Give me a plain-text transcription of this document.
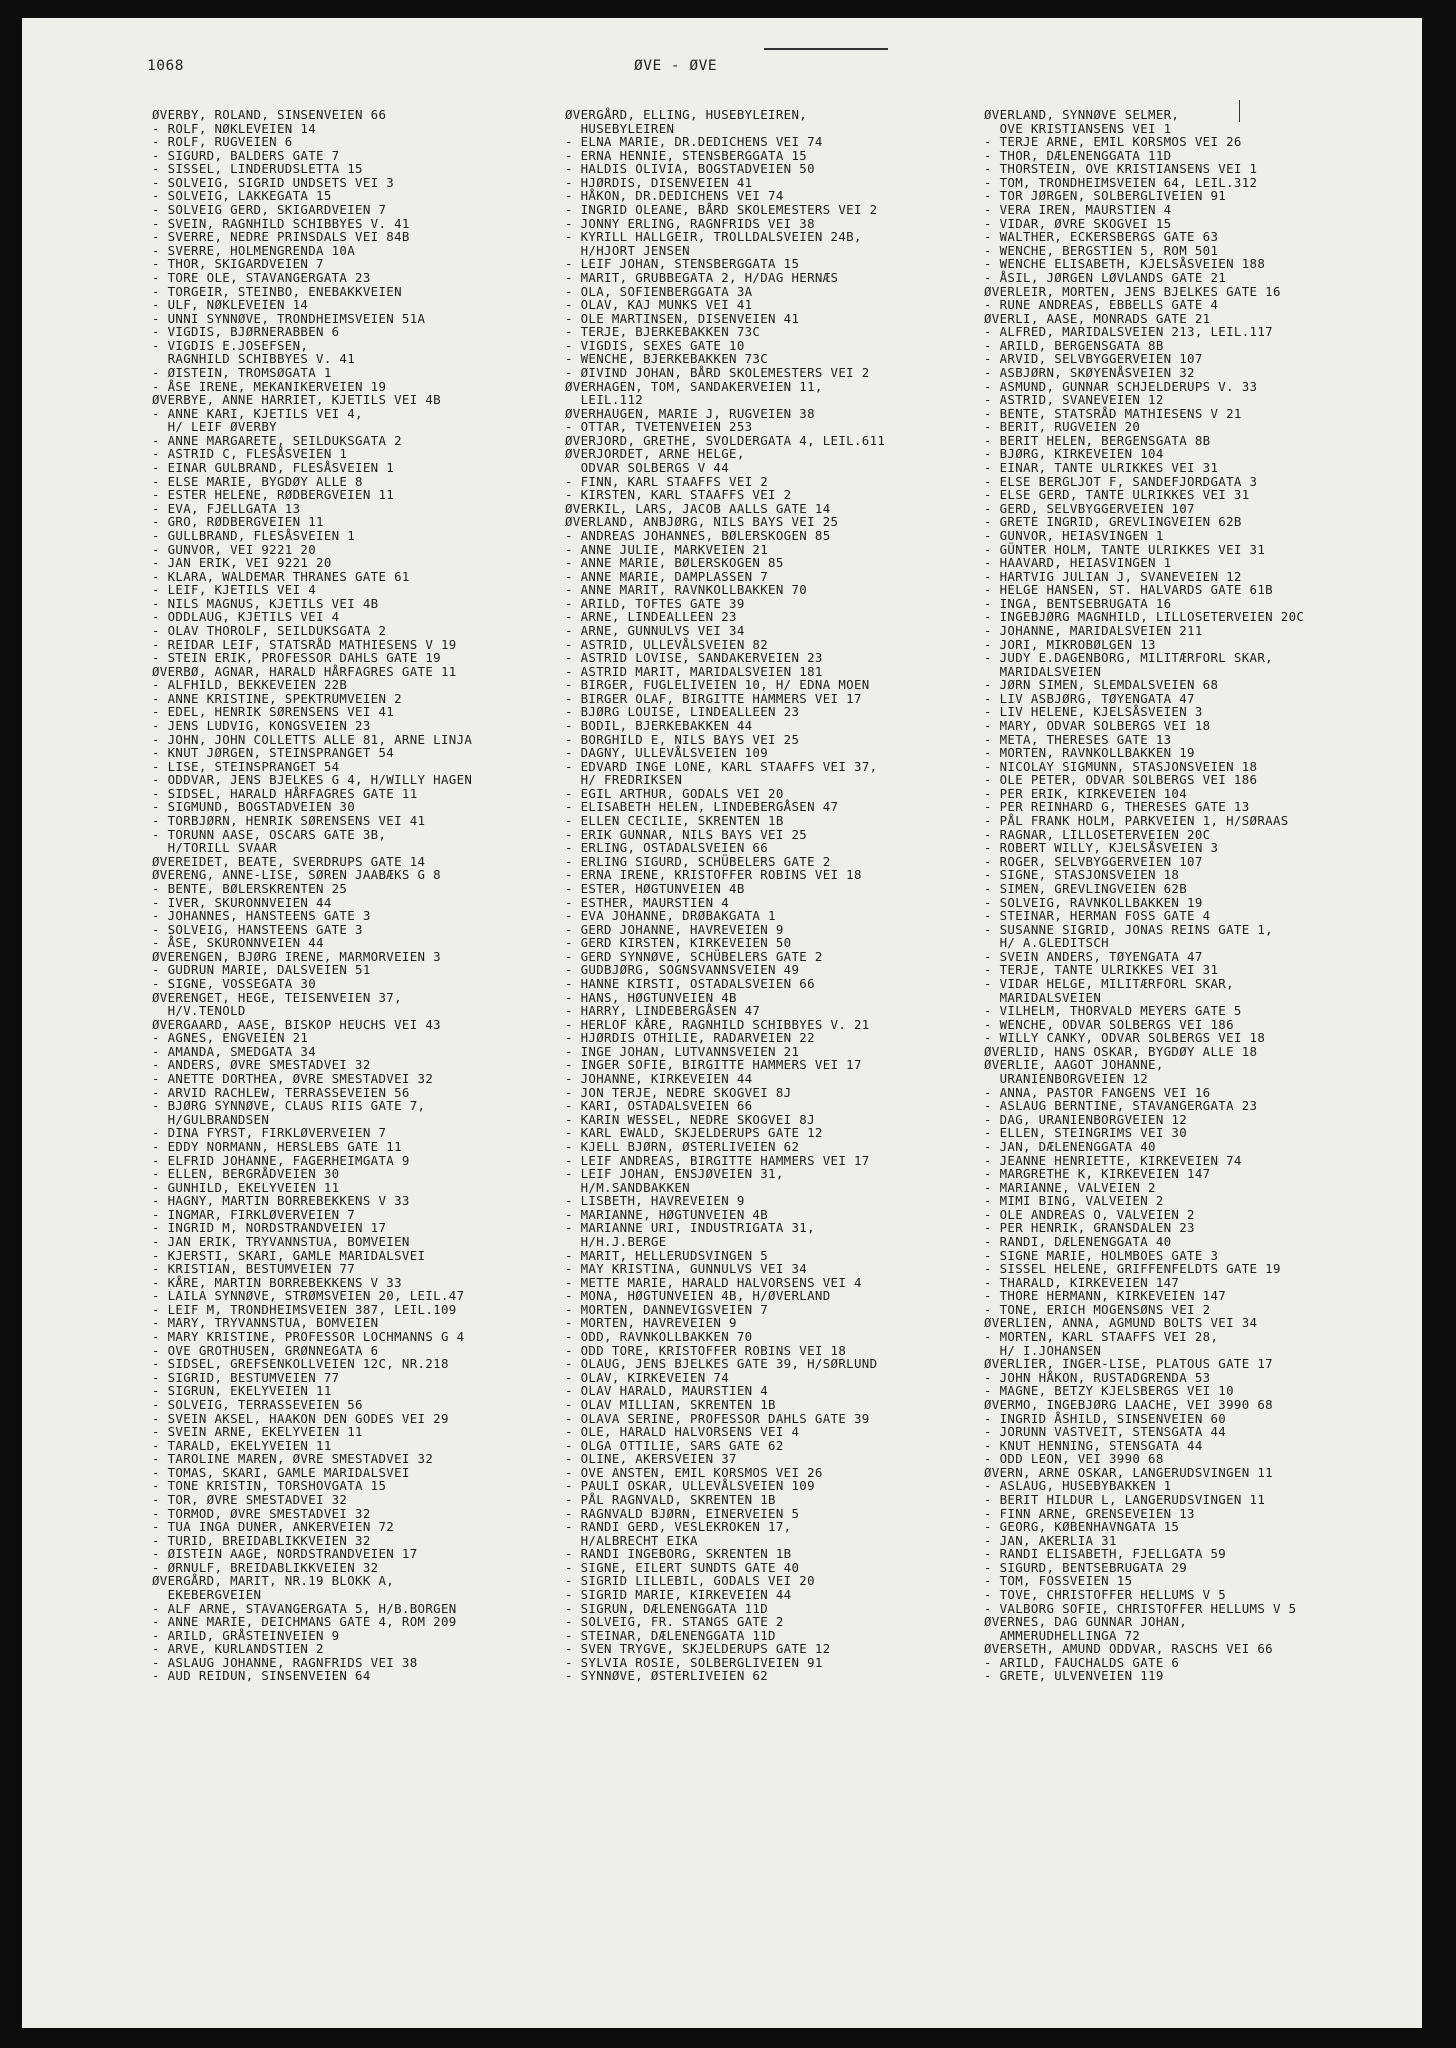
1068	ØVE - ØVE
ØVERBY, ROLAND, SINSENVEIEN 66
- ROLF, NØKLEVEIEN 14
- ROLF, RUGVEIEN 6
- SIGURD, BALDERS GATE 7
- SISSEL, LINDERUDSLETTA 15
- SOLVEIG, SIGRID UNDSETS VEI 3
- SOLVEIG, LAKKEGATA 15
- SOLVEIG GERD, SKIGARDVEIEN 7
- SVEIN, RAGNHILD SCHIBBYES V. 41
- SVERRE, NEDRE PRINSDALS VEI 84B
- SVERRE, HOLMENGRENDA 10A
- THOR, SKIGARDVEIEN 7
- TORE OLE, STAVANGERGATA 23
- TORGEIR, STEINBO, ENEBAKKVEIEN
- ULF, NØKLEVEIEN 14
- UNNI SYNNØVE, TRONDHEIMSVEIEN 51A
- VIGDIS, BJØRNERABBEN 6
- VIGDIS E.JOSEFSEN,
RAGNHILD SCHIBBYES V. 41
- ØISTEIN, TROMSØGATA 1
- ÅSE IRENE, MEKANIKERVEIEN 19
ØVERBYE, ANNE HARRIET, KJETILS VEI 4B
- ANNE KARI, KJETILS VEI 4,
H/ LEIF ØVERBY
- ANNE MARGARETE, SEILDUKSGATA 2
- ASTRID C, FLESÅSVEIEN 1
- EINAR GULBRAND, FLESÅSVEIEN 1
- ELSE MARIE, BYGDØY ALLE 8
- ESTER HELENE, RØDBERGVEIEN 11
- EVA, FJELLGATA 13
- GRO, RØDBERGVEIEN 11
- GULLBRAND, FLESÅSVEIEN 1
- GUNVOR, VEI 9221 20
- JAN ERIK, VEI 9221 20
- KLARA, WALDEMAR THRANES GATE 61
- LEIF, KJETILS VEI 4
- NILS MAGNUS, KJETILS VEI 4B
- ODDLAUG, KJETILS VEI 4
- OLAV THOROLF, SEILDUKSGATA 2
- REIDAR LEIF, STATSRÅD MATHIESENS V 19
- STEIN ERIK, PROFESSOR DAHLS GATE 19
ØVERBØ, AGNAR, HARALD HÅRFAGRES GATE 11
- ALFHILD, BEKKEVEIEN 22B
- ANNE KRISTINE, SPEKTRUMVEIEN 2
- EDEL, HENRIK SØRENSENS VEI 41
- JENS LUDVIG, KONGSVEIEN 23
- JOHN, JOHN COLLETTS ALLE 81, ARNE LINJA
- KNUT JØRGEN, STEINSPRANGET 54
- LISE, STEINSPRANGET 54
- ODDVAR, JENS BJELKES G 4, H/WILLY HAGEN
- SIDSEL, HARALD HÅRFAGRES GATE 11
- SIGMUND, BOGSTADVEIEN 30
- TORBJØRN, HENRIK SØRENSENS VEI 41
- TORUNN AASE, OSCARS GATE 3B,
H/TORILL SVAAR
ØVEREIDET, BEATE, SVERDRUPS GATE 14
ØVERENG, ANNE-LISE, SØREN JAABÆKS G 8
- BENTE, BØLERSKRENTEN 25
- IVER, SKURONNVEIEN 44
- JOHANNES, HANSTEENS GATE 3
- SOLVEIG, HANSTEENS GATE 3
- ÅSE, SKURONNVEIEN 44
ØVERENGEN, BJØRG IRENE, MARMORVEIEN 3
- GUDRUN MARIE, DALSVEIEN 51
- SIGNE, VOSSEGATA 30
ØVERENGET, HEGE, TEISENVEIEN 37,
H/V.TENOLD
ØVERGAARD, AASE, BISKOP HEUCHS VEI 43
- AGNES, ENGVEIEN 21
- AMANDA, SMEDGATA 34
- ANDERS, ØVRE SMESTADVEI 32
- ANETTE DORTHEA, ØVRE SMESTADVEI 32
- ARVID RACHLEW, TERRASSEVEIEN 56
- BJØRG SYNNØVE, CLAUS RIIS GATE 7,
H/GULBRANDSEN
- DINA FYRST, FIRKLØVERVEIEN 7
- EDDY NORMANN, HERSLEBS GATE 11
- ELFRID JOHANNE, FAGERHEIMGATA 9
- ELLEN, BERGRÅDVEIEN 30
- GUNHILD, EKELYVEIEN 11
- HAGNY, MARTIN BORREBEKKENS V 33
- INGMAR, FIRKLØVERVEIEN 7
- INGRID M, NORDSTRANDVEIEN 17
- JAN ERIK, TRYVANNSTUA, BOMVEIEN
- KJERSTI, SKARI, GAMLE MARIDALSVEI
- KRISTIAN, BESTUMVEIEN 77
- KÅRE, MARTIN BORREBEKKENS V 33
- LAILA SYNNØVE, STRØMSVEIEN 20, LEIL.47
- LEIF M, TRONDHEIMSVEIEN 387, LEIL.109
- MARY, TRYVANNSTUA, BOMVEIEN
- MARY KRISTINE, PROFESSOR LOCHMANNS G 4
- OVE GROTHUSEN, GRØNNEGATA 6
- SIDSEL, GREFSENKOLLVEIEN 12C, NR.218
- SIGRID, BESTUMVEIEN 77
- SIGRUN, EKELYVEIEN 11
- SOLVEIG, TERRASSEVEIEN 56
- SVEIN AKSEL, HAAKON DEN GODES VEI 29
- SVEIN ARNE, EKELYVEIEN 11
- TARALD, EKELYVEIEN 11
- TAROLINE MAREN, ØVRE SMESTADVEI 32
- TOMAS, SKARI, GAMLE MARIDALSVEI
- TONE KRISTIN, TORSHOVGATA 15
- TOR, ØVRE SMESTADVEI 32
- TORMOD, ØVRE SMESTADVEI 32
- TUA INGA DUNER, ANKERVEIEN 72
- TURID, BREIDABLIKKVEIEN 32
- ØISTEIN AAGE, NORDSTRANDVEIEN 17
- ØRNULF, BREIDABLIKKVEIEN 32
ØVERGÅRD, MARIT, NR.19 BLOKK A,
EKEBERGVEIEN
- ALF ARNE, STAVANGERGATA 5, H/B.BORGEN
- ANNE MARIE, DEICHMANS GATE 4, ROM 209
- ARILD, GRÅSTEINVEIEN 9
- ARVE, KURLANDSTIEN 2
- ASLAUG JOHANNE, RAGNFRIDS VEI 38
- AUD REIDUN, SINSENVEIEN 64
ØVERGÅRD, ELLING, HUSEBYLEIREN,
HUSEBYLEIREN
- ELNA MARIE, DR.DEDICHENS VEI 74
- ERNA HENNIE, STENSBERGGATA 15
- HALDIS OLIVIA, BOGSTADVEIEN 50
- HJØRDIS, DISENVEIEN 41
- HÅKON, DR.DEDICHENS VEI 74
- INGRID OLEANE, BÅRD SKOLEMESTERS VEI 2
- JONNY ERLING, RAGNFRIDS VEI 38
- KYRILL HALLGEIR, TROLLDALSVEIEN 24B,
H/HJORT JENSEN
- LEIF JOHAN, STENSBERGGATA 15
- MARIT, GRUBBEGATA 2, H/DAG HERNÆS
- OLA, SOFIENBERGGATA 3A
- OLAV, KAJ MUNKS VEI 41
- OLE MARTINSEN, DISENVEIEN 41
- TERJE, BJERKEBAKKEN 73C
- VIGDIS, SEXES GATE 10
- WENCHE, BJERKEBAKKEN 73C
- ØIVIND JOHAN, BÅRD SKOLEMESTERS VEI 2
ØVERHAGEN, TOM, SANDAKERVEIEN 11,
LEIL.112
ØVERHAUGEN, MARIE J, RUGVEIEN 38
- OTTAR, TVETENVEIEN 253
ØVERJORD, GRETHE, SVOLDERGATA 4, LEIL.611
ØVERJORDET, ARNE HELGE,
ODVAR SOLBERGS V 44
- FINN, KARL STAAFFS VEI 2
- KIRSTEN, KARL STAAFFS VEI 2
ØVERKIL, LARS, JACOB AALLS GATE 14
ØVERLAND, ANBJØRG, NILS BAYS VEI 25
- ANDREAS JOHANNES, BØLERSKOGEN 85
- ANNE JULIE, MARKVEIEN 21
- ANNE MARIE, BØLERSKOGEN 85
- ANNE MARIE, DAMPLASSEN 7
- ANNE MARIT, RAVNKOLLBAKKEN 70
- ARILD, TOFTES GATE 39
- ARNE, LINDEALLEEN 23
- ARNE, GUNNULVS VEI 34
- ASTRID, ULLEVÅLSVEIEN 82
- ASTRID LOVISE, SANDAKERVEIEN 23
- ASTRID MARIT, MARIDALSVEIEN 181
- BIRGER, FUGLELIVEIEN 10, H/ EDNA MOEN
- BIRGER OLAF, BIRGITTE HAMMERS VEI 17
- BJØRG LOUISE, LINDEALLEEN 23
- BODIL, BJERKEBAKKEN 44
- BORGHILD E, NILS BAYS VEI 25
- DAGNY, ULLEVÅLSVEIEN 109
- EDVARD INGE LONE, KARL STAAFFS VEI 37,
H/ FREDRIKSEN
- EGIL ARTHUR, GODALS VEI 20
- ELISABETH HELEN, LINDEBERGÅSEN 47
- ELLEN CECILIE, SKRENTEN 1B
- ERIK GUNNAR, NILS BAYS VEI 25
- ERLING, OSTADALSVEIEN 66
- ERLING SIGURD, SCHÜBELERS GATE 2
- ERNA IRENE, KRISTOFFER ROBINS VEI 18
- ESTER, HØGTUNVEIEN 4B
- ESTHER, MAURSTIEN 4
- EVA JOHANNE, DRØBAKGATA 1
- GERD JOHANNE, HAVREVEIEN 9
- GERD KIRSTEN, KIRKEVEIEN 50
- GERD SYNNØVE, SCHÜBELERS GATE 2
- GUDBJØRG, SOGNSVANNSVEIEN 49
- HANNE KIRSTI, OSTADALSVEIEN 66
- HANS, HØGTUNVEIEN 4B
- HARRY, LINDEBERGÅSEN 47
- HERLOF KÅRE, RAGNHILD SCHIBBYES V. 21
- HJØRDIS OTHILIE, RADARVEIEN 22
- INGE JOHAN, LUTVANNSVEIEN 21
- INGER SOFIE, BIRGITTE HAMMERS VEI 17
- JOHANNE, KIRKEVEIEN 44
- JON TERJE, NEDRE SKOGVEI 8J
- KARI, OSTADALSVEIEN 66
- KARIN WESSEL, NEDRE SKOGVEI 8J
- KARL EWALD, SKJELDERUPS GATE 12
- KJELL BJØRN, ØSTERLIVEIEN 62
- LEIF ANDREAS, BIRGITTE HAMMERS VEI 17
- LEIF JOHAN, ENSJØVEIEN 31,
H/M.SANDBAKKEN
- LISBETH, HAVREVEIEN 9
- MARIANNE, HØGTUNVEIEN 4B
- MARIANNE URI, INDUSTRIGATA 31,
H/H.J.BERGE
- MARIT, HELLERUDSVINGEN 5
- MAY KRISTINA, GUNNULVS VEI 34
- METTE MARIE, HARALD HALVORSENS VEI 4
- MONA, HØGTUNVEIEN 4B, H/ØVERLAND
- MORTEN, DANNEVIGSVEIEN 7
- MORTEN, HAVREVEIEN 9
- ODD, RAVNKOLLBAKKEN 70
- ODD TORE, KRISTOFFER ROBINS VEI 18
- OLAUG, JENS BJELKES GATE 39, H/SØRLUND
- OLAV, KIRKEVEIEN 74
- OLAV HARALD, MAURSTIEN 4
- OLAV MILLIAN, SKRENTEN 1B
- OLAVA SERINE, PROFESSOR DAHLS GATE 39
- OLE, HARALD HALVORSENS VEI 4
- OLGA OTTILIE, SARS GATE 62
- OLINE, AKERSVEIEN 37
- OVE ANSTEN, EMIL KORSMOS VEI 26
- PAULI OSKAR, ULLEVÅLSVEIEN 109
- PÅL RAGNVALD, SKRENTEN 1B
- RAGNVALD BJØRN, EINERVEIEN 5
- RANDI GERD, VESLEKROKEN 17,
H/ALBRECHT EIKA
- RANDI INGEBORG, SKRENTEN 1B
- SIGNE, EILERT SUNDTS GATE 40
- SIGRID LILLEBIL, GODALS VEI 20
- SIGRID MARIE, KIRKEVEIEN 44
- SIGRUN, DÆLENENGGATA 11D
- SOLVEIG, FR. STANGS GATE 2
- STEINAR, DÆLENENGGATA 11D
- SVEN TRYGVE, SKJELDERUPS GATE 12
- SYLVIA ROSIE, SOLBERGLIVEIEN 91
- SYNNØVE, ØSTERLIVEIEN 62
ØVERLAND, SYNNØVE SELMER,
OVE KRISTIANSENS VEI 1
- TERJE ARNE, EMIL KORSMOS VEI 26
- THOR, DÆLENENGGATA 11D
- THORSTEIN, OVE KRISTIANSENS VEI 1
- TOM, TRONDHEIMSVEIEN 64, LEIL.312
- TOR JØRGEN, SOLBERGLIVEIEN 91
- VERA IREN, MAURSTIEN 4
- VIDAR, ØVRE SKOGVEI 15
- WALTHER, ECKERSBERGS GATE 63
- WENCHE, BERGSTIEN 5, ROM 501
- WENCHE ELISABETH, KJELSÅSVEIEN 188
- ÅSIL, JØRGEN LØVLANDS GATE 21
ØVERLEIR, MORTEN, JENS BJELKES GATE 16
- RUNE ANDREAS, EBBELLS GATE 4
ØVERLI, AASE, MONRADS GATE 21
- ALFRED, MARIDALSVEIEN 213, LEIL.117
- ARILD, BERGENSGATA 8B
- ARVID, SELVBYGGERVEIEN 107
- ASBJØRN, SKØYENÅSVEIEN 32
- ASMUND, GUNNAR SCHJELDERUPS V. 33
- ASTRID, SVANEVEIEN 12
- BENTE, STATSRÅD MATHIESENS V 21
- BERIT, RUGVEIEN 20
- BERIT HELEN, BERGENSGATA 8B
- BJØRG, KIRKEVEIEN 104
- EINAR, TANTE ULRIKKES VEI 31
- ELSE BERGLJOT F, SANDEFJORDGATA 3
- ELSE GERD, TANTE ULRIKKES VEI 31
- GERD, SELVBYGGERVEIEN 107
- GRETE INGRID, GREVLINGVEIEN 62B
- GUNVOR, HEIASVINGEN 1
- GÜNTER HOLM, TANTE ULRIKKES VEI 31
- HAAVARD, HEIASVINGEN 1
- HARTVIG JULIAN J, SVANEVEIEN 12
- HELGE HANSEN, ST. HALVARDS GATE 61B
- INGA, BENTSEBRUGATA 16
- INGEBJØRG MAGNHILD, LILLOSETERVEIEN 20C
- JOHANNE, MARIDALSVEIEN 211
- JORI, MIKROBØLGEN 13
- JUDY E.DAGENBORG, MILITÆRFORL SKAR,
MARIDALSVEIEN
- JØRN SIMEN, SLEMDALSVEIEN 68
- LIV ASBJØRG, TØYENGATA 47
- LIV HELENE, KJELSÅSVEIEN 3
- MARY, ODVAR SOLBERGS VEI 18
- META, THERESES GATE 13
- MORTEN, RAVNKOLLBAKKEN 19
- NICOLAY SIGMUNN, STASJONSVEIEN 18
- OLE PETER, ODVAR SOLBERGS VEI 186
- PER ERIK, KIRKEVEIEN 104
- PER REINHARD G, THERESES GATE 13
- PÅL FRANK HOLM, PARKVEIEN 1, H/SØRAAS
- RAGNAR, LILLOSETERVEIEN 20C
- ROBERT WILLY, KJELSÅSVEIEN 3
- ROGER, SELVBYGGERVEIEN 107
- SIGNE, STASJONSVEIEN 18
- SIMEN, GREVLINGVEIEN 62B
- SOLVEIG, RAVNKOLLBAKKEN 19
- STEINAR, HERMAN FOSS GATE 4
- SUSANNE SIGRID, JONAS REINS GATE 1,
H/ A.GLEDITSCH
- SVEIN ANDERS, TØYENGATA 47
- TERJE, TANTE ULRIKKES VEI 31
- VIDAR HELGE, MILITÆRFORL SKAR,
MARIDALSVEIEN
- VILHELM, THORVALD MEYERS GATE 5
- WENCHE, ODVAR SOLBERGS VEI 186
- WILLY CANKY, ODVAR SOLBERGS VEI 18
ØVERLID, HANS OSKAR, BYGDØY ALLE 18
ØVERLIE, AAGOT JOHANNE,
URANIENBORGVEIEN 12
- ANNA, PASTOR FANGENS VEI 16
- ASLAUG BERNTINE, STAVANGERGATA 23
- DAG, URANIENBORGVEIEN 12
- ELLEN, STEINGRIMS VEI 30
- JAN, DÆLENENGGATA 40
- JEANNE HENRIETTE, KIRKEVEIEN 74
- MARGRETHE K, KIRKEVEIEN 147
- MARIANNE, VALVEIEN 2
- MIMI BING, VALVEIEN 2
- OLE ANDREAS O, VALVEIEN 2
- PER HENRIK, GRANSDALEN 23
- RANDI, DÆLENENGGATA 40
- SIGNE MARIE, HOLMBOES GATE 3
- SISSEL HELENE, GRIFFENFELDTS GATE 19
- THARALD, KIRKEVEIEN 147
- THORE HERMANN, KIRKEVEIEN 147
- TONE, ERICH MOGENSØNS VEI 2
ØVERLIEN, ANNA, AGMUND BOLTS VEI 34
- MORTEN, KARL STAAFFS VEI 28,
H/ I.JOHANSEN
ØVERLIER, INGER-LISE, PLATOUS GATE 17
- JOHN HÅKON, RUSTADGRENDA 53
- MAGNE, BETZY KJELSBERGS VEI 10
ØVERMO, INGEBJØRG LAACHE, VEI 3990 68
- INGRID ÅSHILD, SINSENVEIEN 60
- JORUNN VASTVEIT, STENSGATA 44
- KNUT HENNING, STENSGATA 44
- ODD LEON, VEI 3990 68
ØVERN, ARNE OSKAR, LANGERUDSVINGEN 11
- ASLAUG, HUSEBYBAKKEN 1
- BERIT HILDUR L, LANGERUDSVINGEN 11
- FINN ARNE, GRENSEVEIEN 13
- GEORG, KØBENHAVNGATA 15
- JAN, AKERLIA 31
- RANDI ELISABETH, FJELLGATA 59
- SIGURD, BENTSEBRUGATA 29
- TOM, FOSSVEIEN 15
- TOVE, CHRISTOFFER HELLUMS V 5
- VALBORG SOFIE, CHRISTOFFER HELLUMS V 5
ØVERNES, DAG GUNNAR JOHAN,
AMMERUDHELLINGA 72
ØVERSETH, AMUND ODDVAR, RASCHS VEI 66
- ARILD, FAUCHALDS GATE 6
- GRETE, ULVENVEIEN 119
